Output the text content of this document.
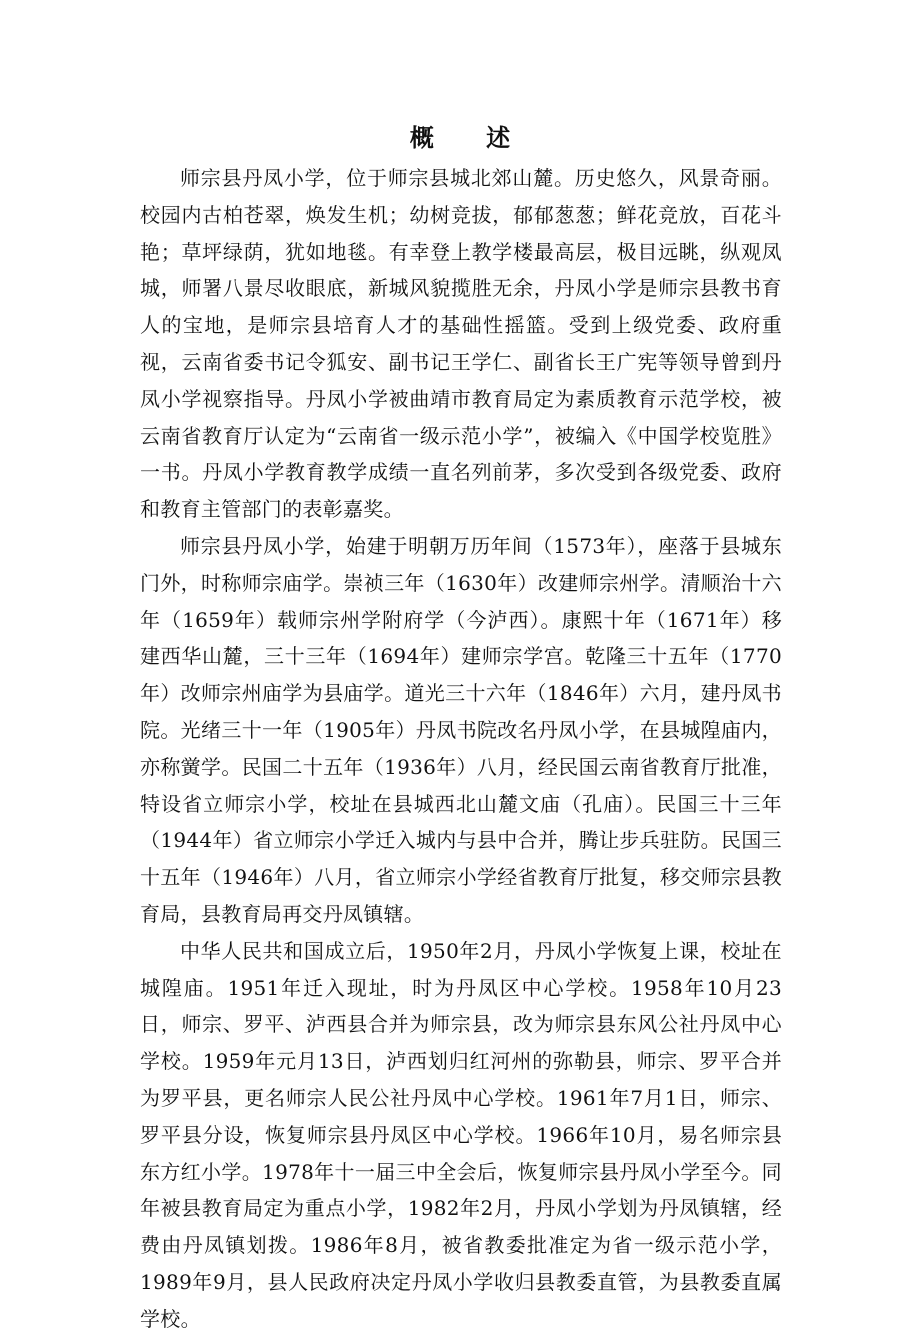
概 述

师宗县丹凤小学，位于师宗县城北郊山麓。历史悠久，风景奇丽。校园内古柏苍翠，焕发生机；幼树竞拔，郁郁葱葱；鲜花竞放，百花斗艳；草坪绿荫，犹如地毯。有幸登上教学楼最高层，极目远眺，纵观凤城，师署八景尽收眼底，新城风貌揽胜无余，丹凤小学是师宗县教书育人的宝地，是师宗县培育人才的基础性摇篮。受到上级党委、政府重视，云南省委书记令狐安、副书记王学仁、副省长王广宪等领导曾到丹凤小学视察指导。丹凤小学被曲靖市教育局定为素质教育示范学校，被云南省教育厅认定为“云南省一级示范小学”，被编入《中国学校览胜》一书。丹凤小学教育教学成绩一直名列前茅，多次受到各级党委、政府和教育主管部门的表彰嘉奖。

师宗县丹凤小学，始建于明朝万历年间（1573年），座落于县城东门外，时称师宗庙学。崇祯三年（1630年）改建师宗州学。清顺治十六年（1659年）载师宗州学附府学（今泸西）。康熙十年（1671年）移建西华山麓，三十三年（1694年）建师宗学宫。乾隆三十五年（1770年）改师宗州庙学为县庙学。道光三十六年（1846年）六月，建丹凤书院。光绪三十一年（1905年）丹凤书院改名丹凤小学，在县城隍庙内，亦称黉学。民国二十五年（1936年）八月，经民国云南省教育厅批准，特设省立师宗小学，校址在县城西北山麓文庙（孔庙）。民国三十三年（1944年）省立师宗小学迁入城内与县中合并，腾让步兵驻防。民国三十五年（1946年）八月，省立师宗小学经省教育厅批复，移交师宗县教育局，县教育局再交丹凤镇辖。

中华人民共和国成立后，1950年2月，丹凤小学恢复上课，校址在城隍庙。1951年迁入现址，时为丹凤区中心学校。1958年10月23日，师宗、罗平、泸西县合并为师宗县，改为师宗县东风公社丹凤中心学校。1959年元月13日，泸西划归红河州的弥勒县，师宗、罗平合并为罗平县，更名师宗人民公社丹凤中心学校。1961年7月1日，师宗、罗平县分设，恢复师宗县丹凤区中心学校。1966年10月，易名师宗县东方红小学。1978年十一届三中全会后，恢复师宗县丹凤小学至今。同年被县教育局定为重点小学，1982年2月，丹凤小学划为丹凤镇辖，经费由丹凤镇划拨。1986年8月，被省教委批准定为省一级示范小学，1989年9月，县人民政府决定丹凤小学收归县教委直管，为县教委直属学校。
